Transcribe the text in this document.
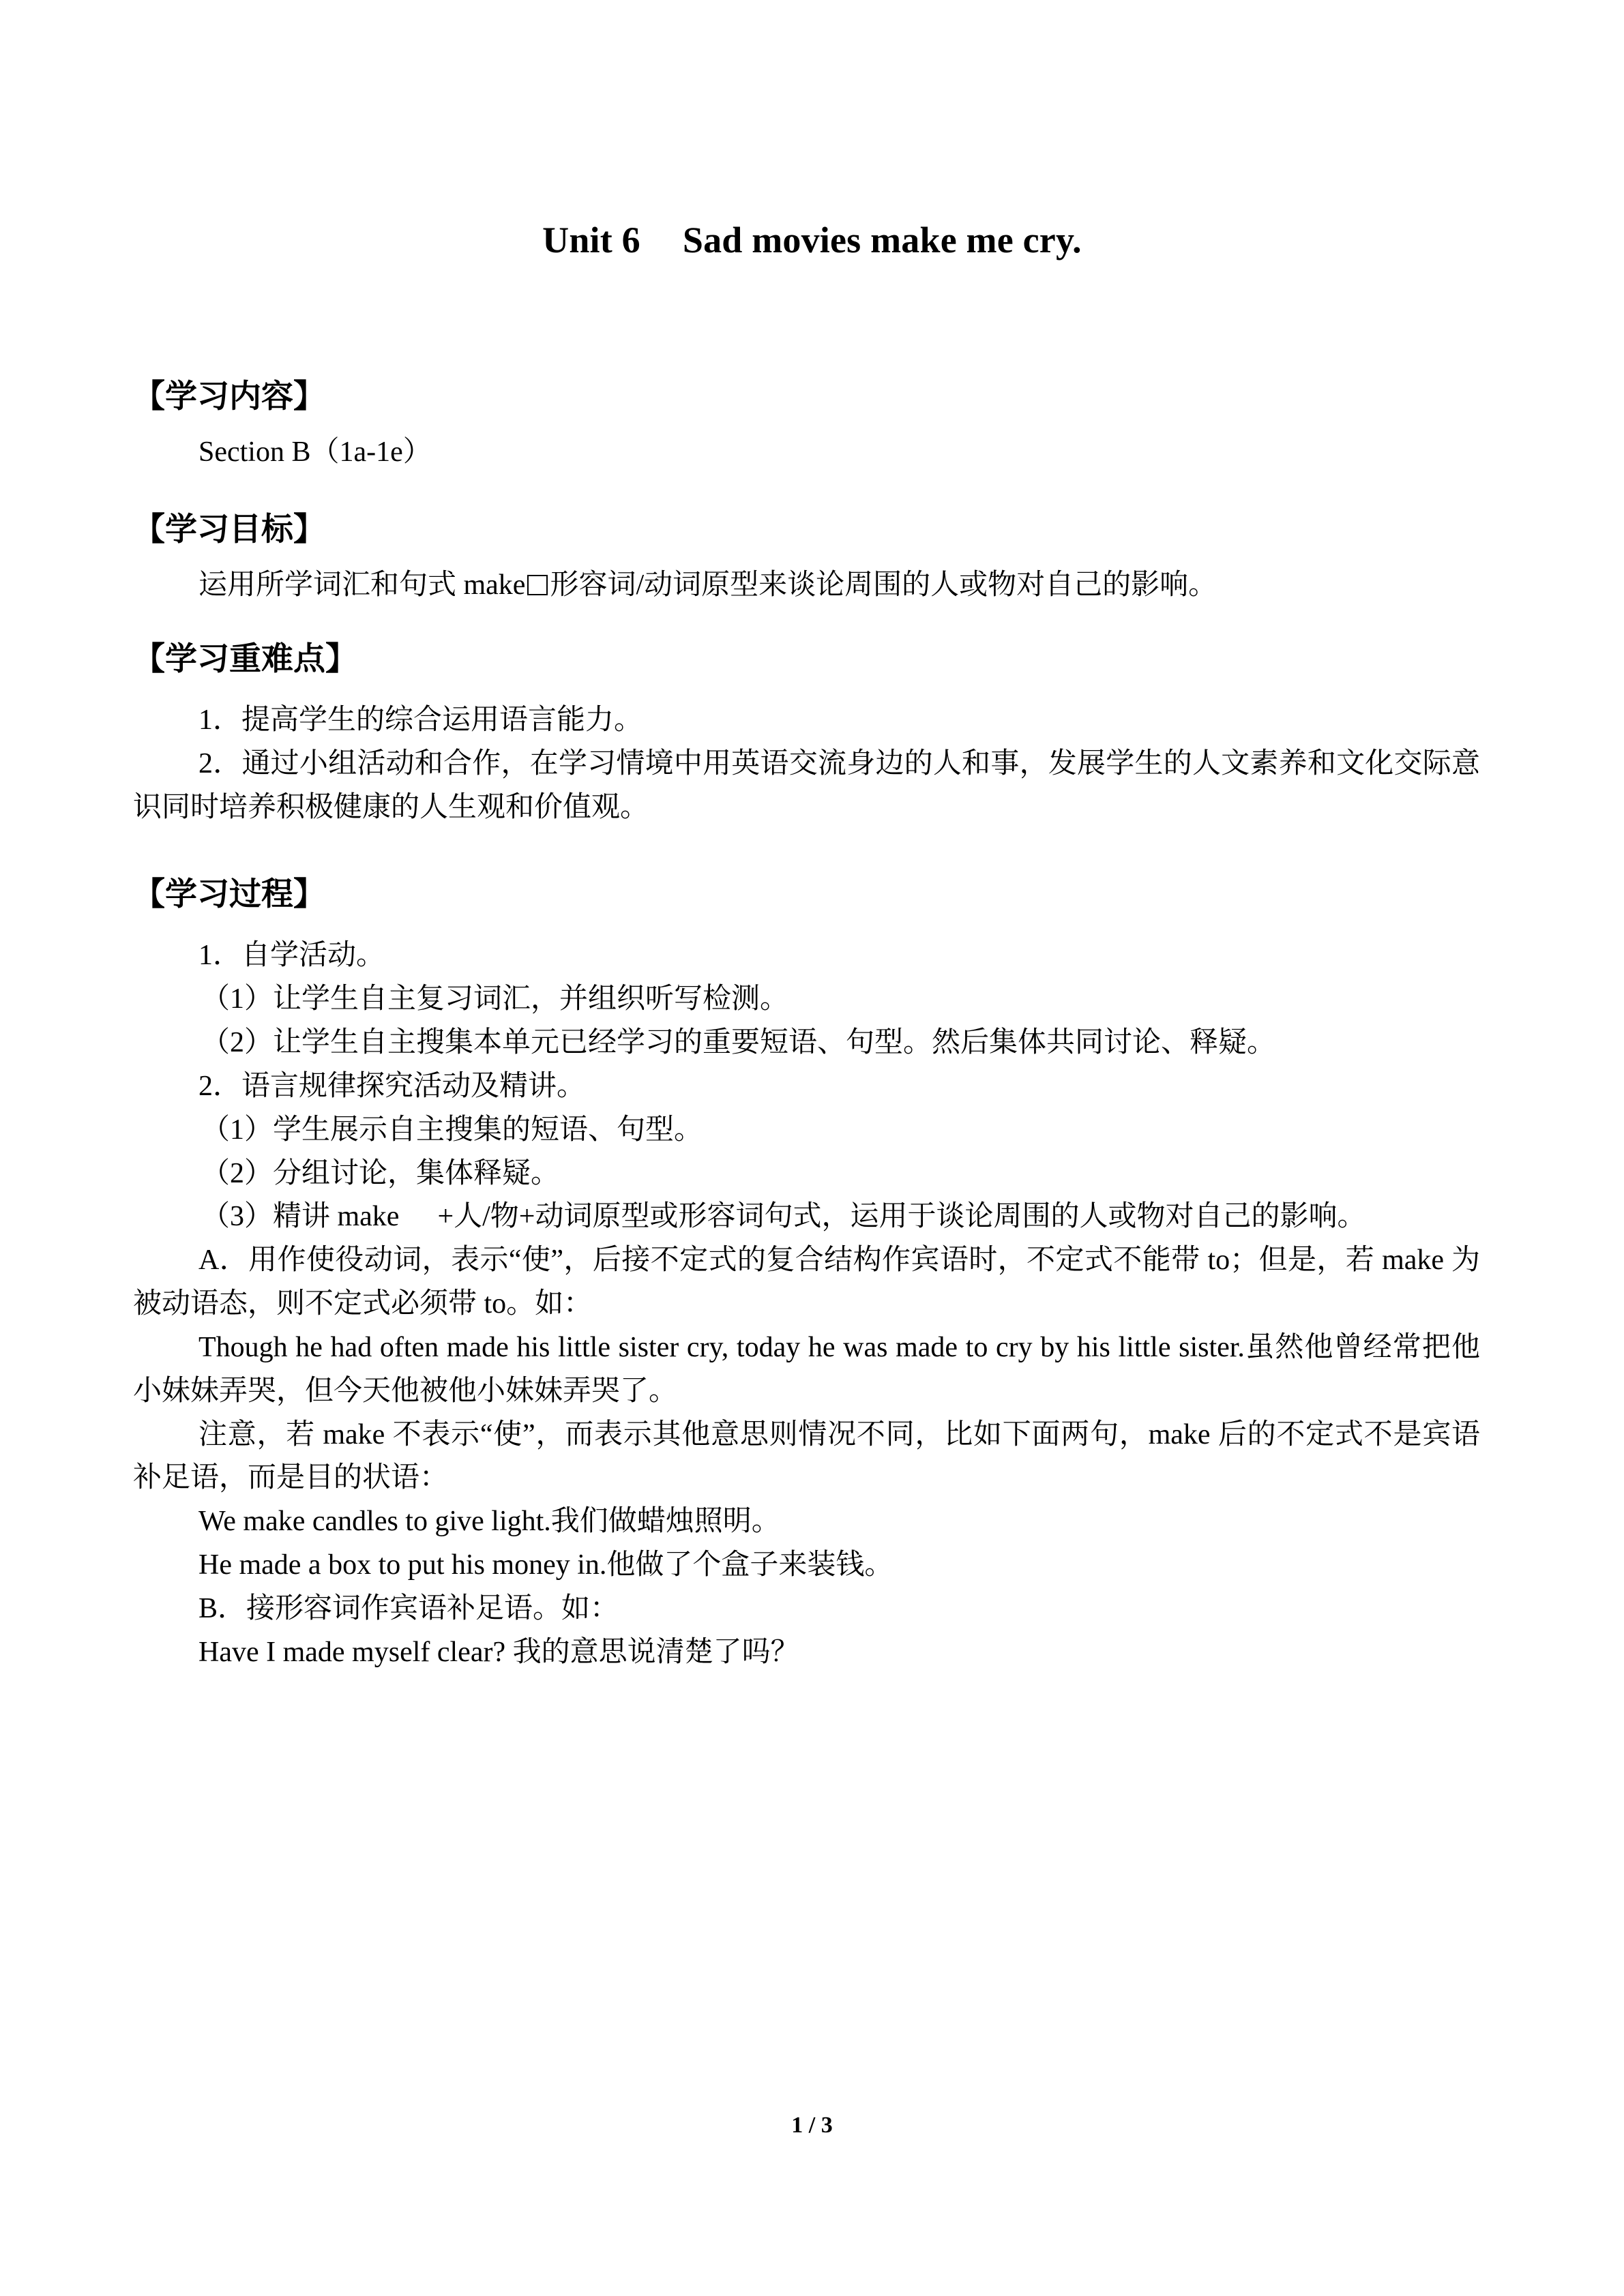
Unit 6 Sad movies make me cry.

【学习内容】

Section B（1a-1e）

【学习目标】

运用所学词汇和句式 make 形容词/动词原型来谈论周围的人或物对自己的影响。

【学习重难点】

1．提高学生的综合运用语言能力。

2．通过小组活动和合作，在学习情境中用英语交流身边的人和事，发展学生的人文素养和文化交际意识同时培养积极健康的人生观和价值观。

【学习过程】

1．自学活动。

（1）让学生自主复习词汇，并组织听写检测。

（2）让学生自主搜集本单元已经学习的重要短语、句型。然后集体共同讨论、释疑。

2．语言规律探究活动及精讲。

（1）学生展示自主搜集的短语、句型。

（2）分组讨论，集体释疑。

（3）精讲 make +人/物+动词原型或形容词句式，运用于谈论周围的人或物对自己的影响。

A．用作使役动词，表示“使”，后接不定式的复合结构作宾语时，不定式不能带 to；但是，若 make 为被动语态，则不定式必须带 to。如：

Though he had often made his little sister cry, today he was made to cry by his little sister.虽然他曾经常把他小妹妹弄哭，但今天他被他小妹妹弄哭了。

注意，若 make 不表示“使”，而表示其他意思则情况不同，比如下面两句，make 后的不定式不是宾语补足语，而是目的状语：

We make candles to give light.我们做蜡烛照明。

He made a box to put his money in.他做了个盒子来装钱。

B．接形容词作宾语补足语。如：

Have I made myself clear? 我的意思说清楚了吗？

1 / 3
